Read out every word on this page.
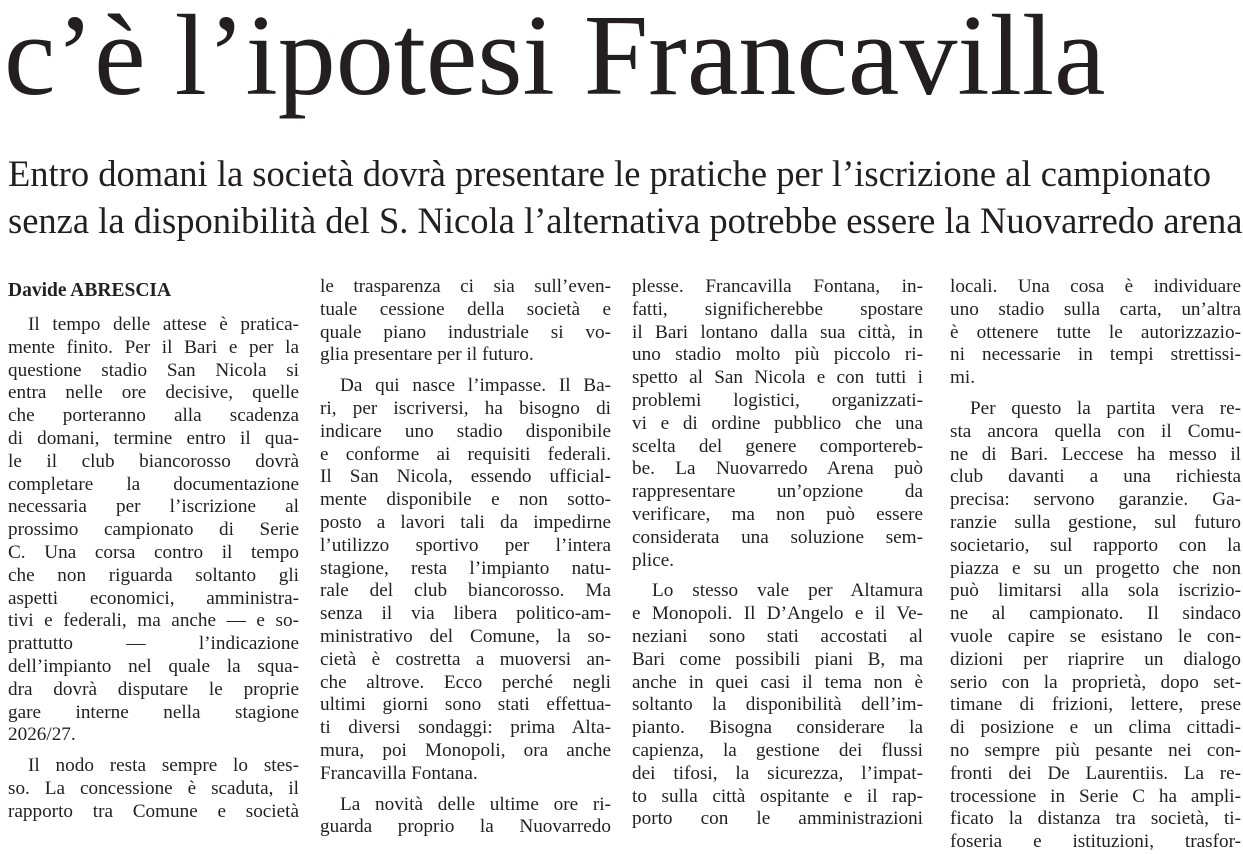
c’è l’ipotesi Francavilla
Entro domani la società dovrà presentare le pratiche per l’iscrizione al campionato
senza la disponibilità del S. Nicola l’alternativa potrebbe essere la Nuovarredo arena
Davide ABRESCIA
Il tempo delle attese è pratica-
mente finito. Per il Bari e per la
questione stadio San Nicola si
entra nelle ore decisive, quelle
che porteranno alla scadenza
di domani, termine entro il qua-
le il club biancorosso dovrà
completare la documentazione
necessaria per l’iscrizione al
prossimo campionato di Serie
C. Una corsa contro il tempo
che non riguarda soltanto gli
aspetti economici, amministra-
tivi e federali, ma anche — e so-
prattutto — l’indicazione
dell’impianto nel quale la squa-
dra dovrà disputare le proprie
gare interne nella stagione
2026/27.
Il nodo resta sempre lo stes-
so. La concessione è scaduta, il
rapporto tra Comune e società
le trasparenza ci sia sull’even-
tuale cessione della società e
quale piano industriale si vo-
glia presentare per il futuro.
Da qui nasce l’impasse. Il Ba-
ri, per iscriversi, ha bisogno di
indicare uno stadio disponibile
e conforme ai requisiti federali.
Il San Nicola, essendo ufficial-
mente disponibile e non sotto-
posto a lavori tali da impedirne
l’utilizzo sportivo per l’intera
stagione, resta l’impianto natu-
rale del club biancorosso. Ma
senza il via libera politico-am-
ministrativo del Comune, la so-
cietà è costretta a muoversi an-
che altrove. Ecco perché negli
ultimi giorni sono stati effettua-
ti diversi sondaggi: prima Alta-
mura, poi Monopoli, ora anche
Francavilla Fontana.
La novità delle ultime ore ri-
guarda proprio la Nuovarredo
plesse. Francavilla Fontana, in-
fatti, significherebbe spostare
il Bari lontano dalla sua città, in
uno stadio molto più piccolo ri-
spetto al San Nicola e con tutti i
problemi logistici, organizzati-
vi e di ordine pubblico che una
scelta del genere comportereb-
be. La Nuovarredo Arena può
rappresentare un’opzione da
verificare, ma non può essere
considerata una soluzione sem-
plice.
Lo stesso vale per Altamura
e Monopoli. Il D’Angelo e il Ve-
neziani sono stati accostati al
Bari come possibili piani B, ma
anche in quei casi il tema non è
soltanto la disponibilità dell’im-
pianto. Bisogna considerare la
capienza, la gestione dei flussi
dei tifosi, la sicurezza, l’impat-
to sulla città ospitante e il rap-
porto con le amministrazioni
locali. Una cosa è individuare
uno stadio sulla carta, un’altra
è ottenere tutte le autorizzazio-
ni necessarie in tempi strettissi-
mi.
Per questo la partita vera re-
sta ancora quella con il Comu-
ne di Bari. Leccese ha messo il
club davanti a una richiesta
precisa: servono garanzie. Ga-
ranzie sulla gestione, sul futuro
societario, sul rapporto con la
piazza e su un progetto che non
può limitarsi alla sola iscrizio-
ne al campionato. Il sindaco
vuole capire se esistano le con-
dizioni per riaprire un dialogo
serio con la proprietà, dopo set-
timane di frizioni, lettere, prese
di posizione e un clima cittadi-
no sempre più pesante nei con-
fronti dei De Laurentiis. La re-
trocessione in Serie C ha ampli-
ficato la distanza tra società, ti-
foseria e istituzioni, trasfor-
